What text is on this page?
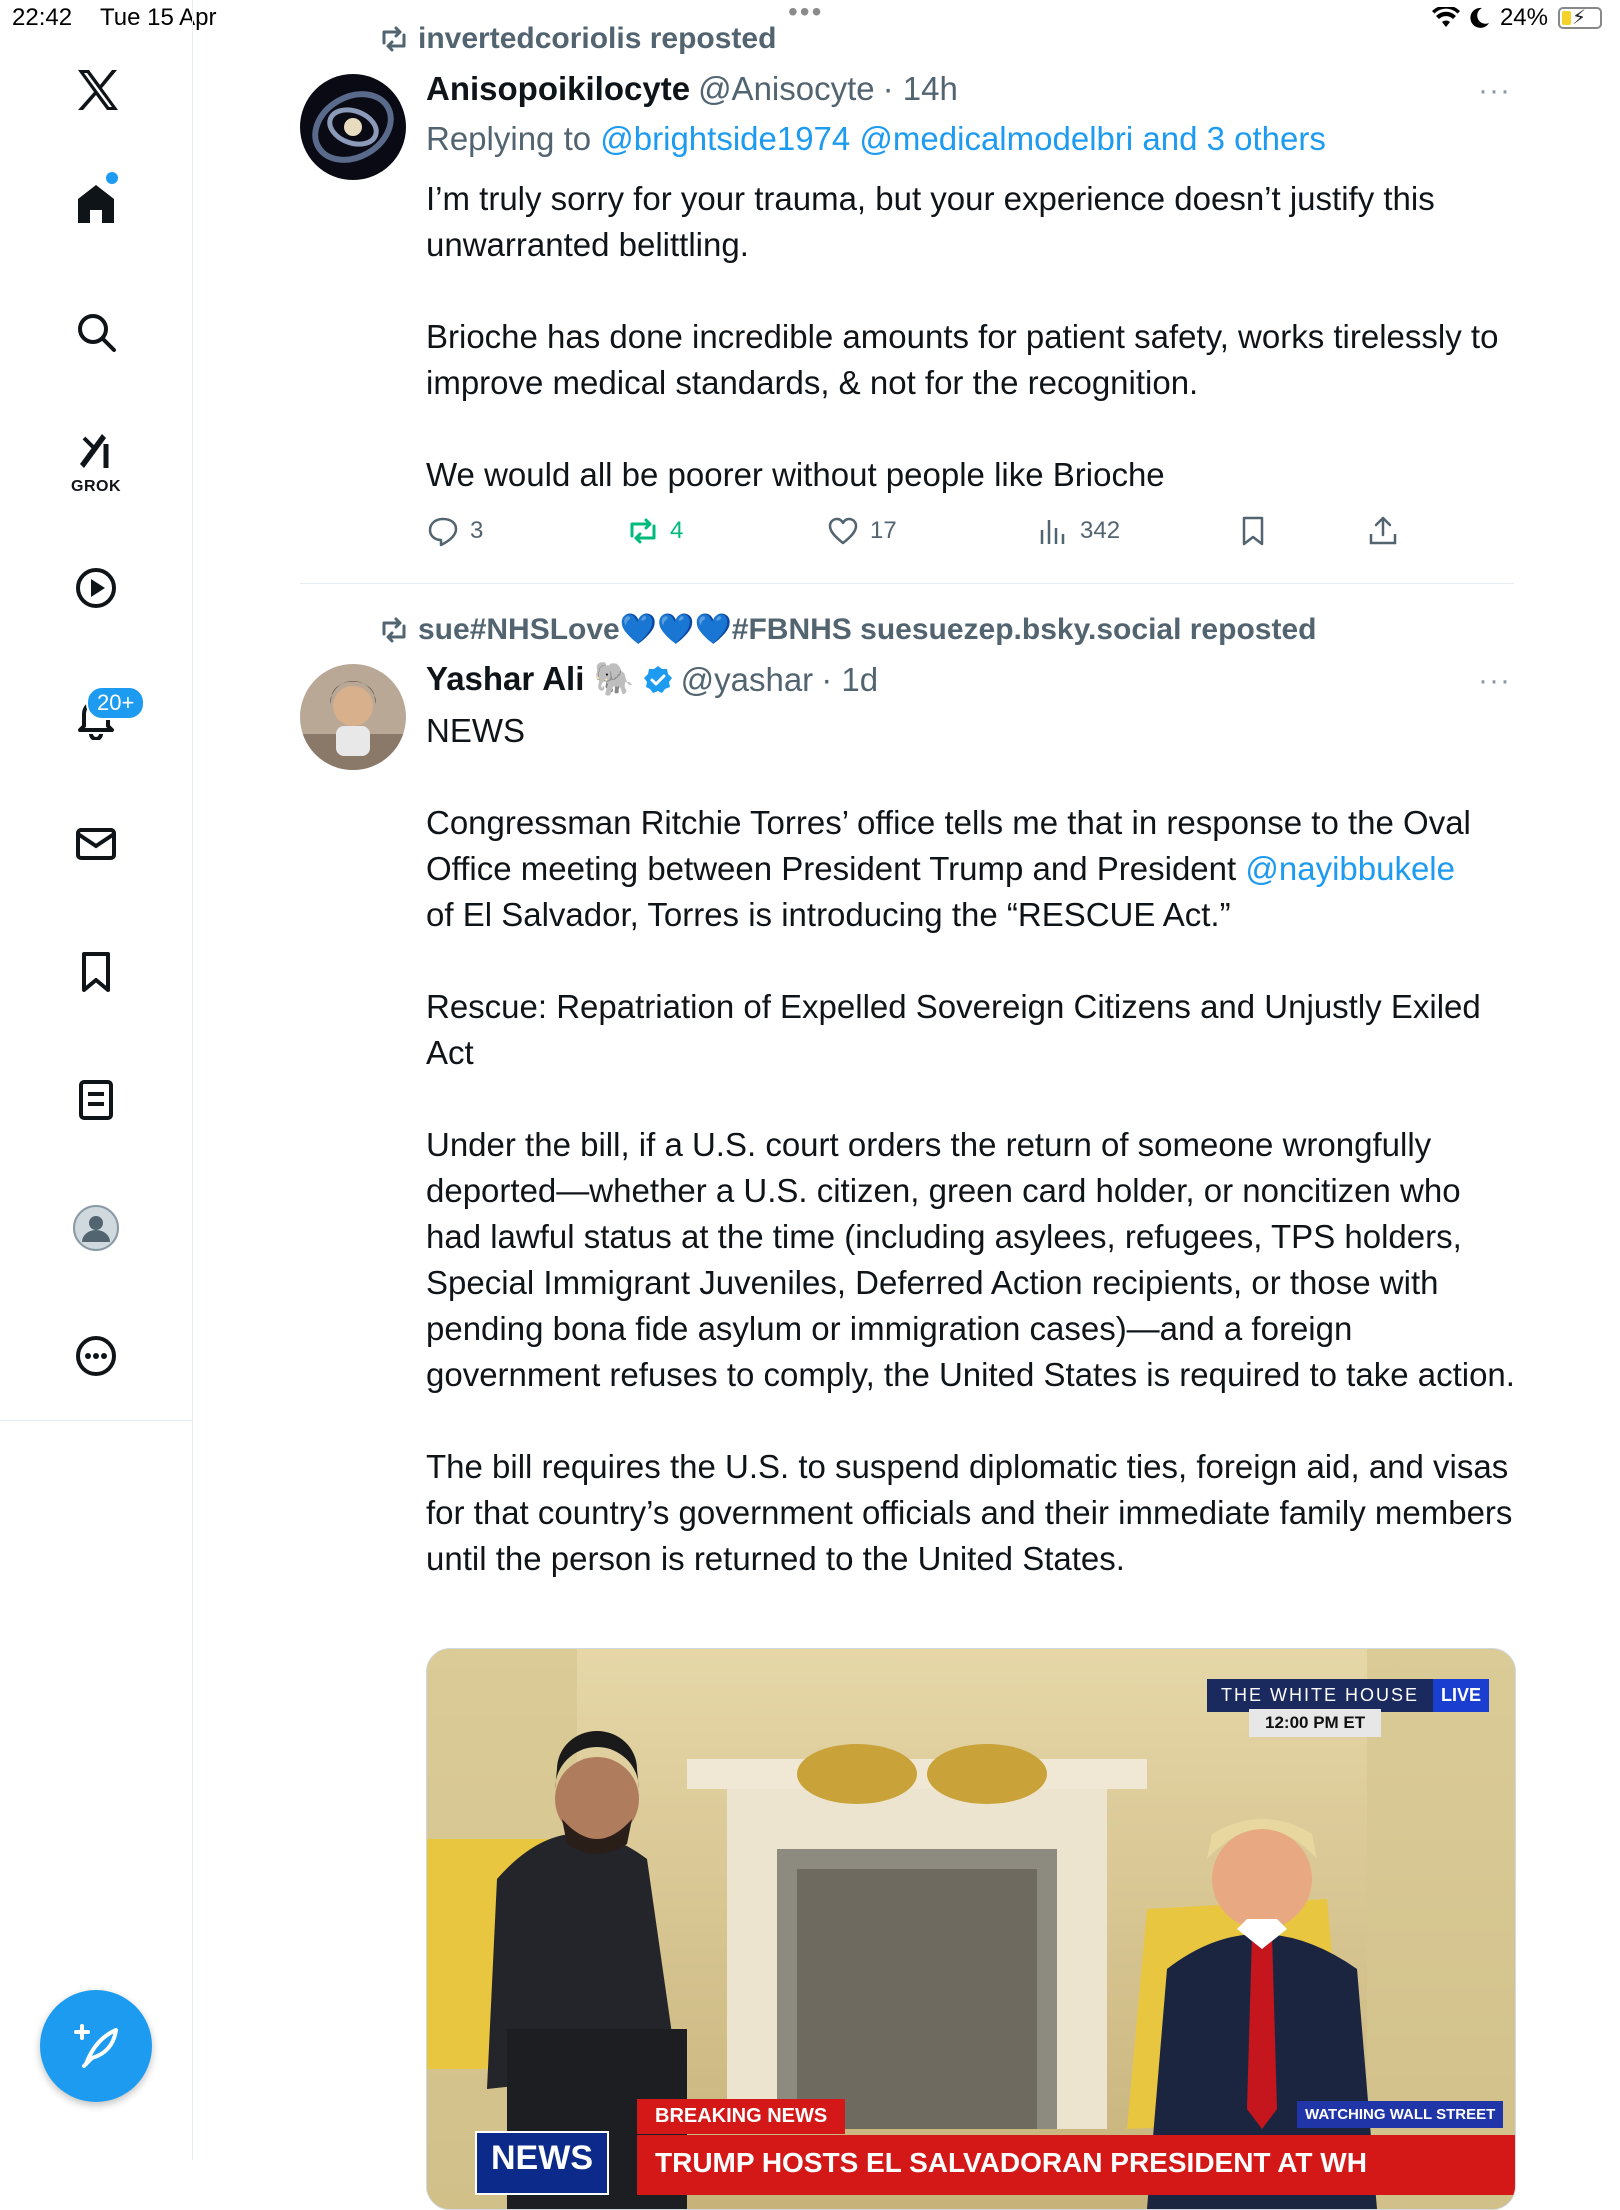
22:42 Tue 15 Apr	•••	24% ⚡
GROK
20+
invertedcoriolis reposted
Anisopoikilocyte @Anisocyte · 14h	···
Replying to @brightside1974 @medicalmodelbri and 3 others
I’m truly sorry for your trauma, but your experience doesn’t justify this unwarranted belittling.

Brioche has done incredible amounts for patient safety, works tirelessly to improve medical standards, & not for the recognition.

We would all be poorer without people like Brioche
3	4	17	342
sue#NHSLove💙💙💙#FBNHS suesuezep.bsky.social reposted
Yashar Ali 🐘 @yashar · 1d	···
NEWS

Congressman Ritchie Torres’ office tells me that in response to the Oval Office meeting between President Trump and President @nayibbukele
of El Salvador, Torres is introducing the “RESCUE Act.”

Rescue: Repatriation of Expelled Sovereign Citizens and Unjustly Exiled Act

Under the bill, if a U.S. court orders the return of someone wrongfully deported—whether a U.S. citizen, green card holder, or noncitizen who had lawful status at the time (including asylees, refugees, TPS holders, Special Immigrant Juveniles, Deferred Action recipients, or those with pending bona fide asylum or immigration cases)—and a foreign government refuses to comply, the United States is required to take action.

The bill requires the U.S. to suspend diplomatic ties, foreign aid, and visas for that country’s government officials and their immediate family members until the person is returned to the United States.
THE WHITE HOUSE	LIVE
12:00 PM ET
BREAKING NEWS	WATCHING WALL STREET
TRUMP HOSTS EL SALVADORAN PRESIDENT AT WH
NEWS
